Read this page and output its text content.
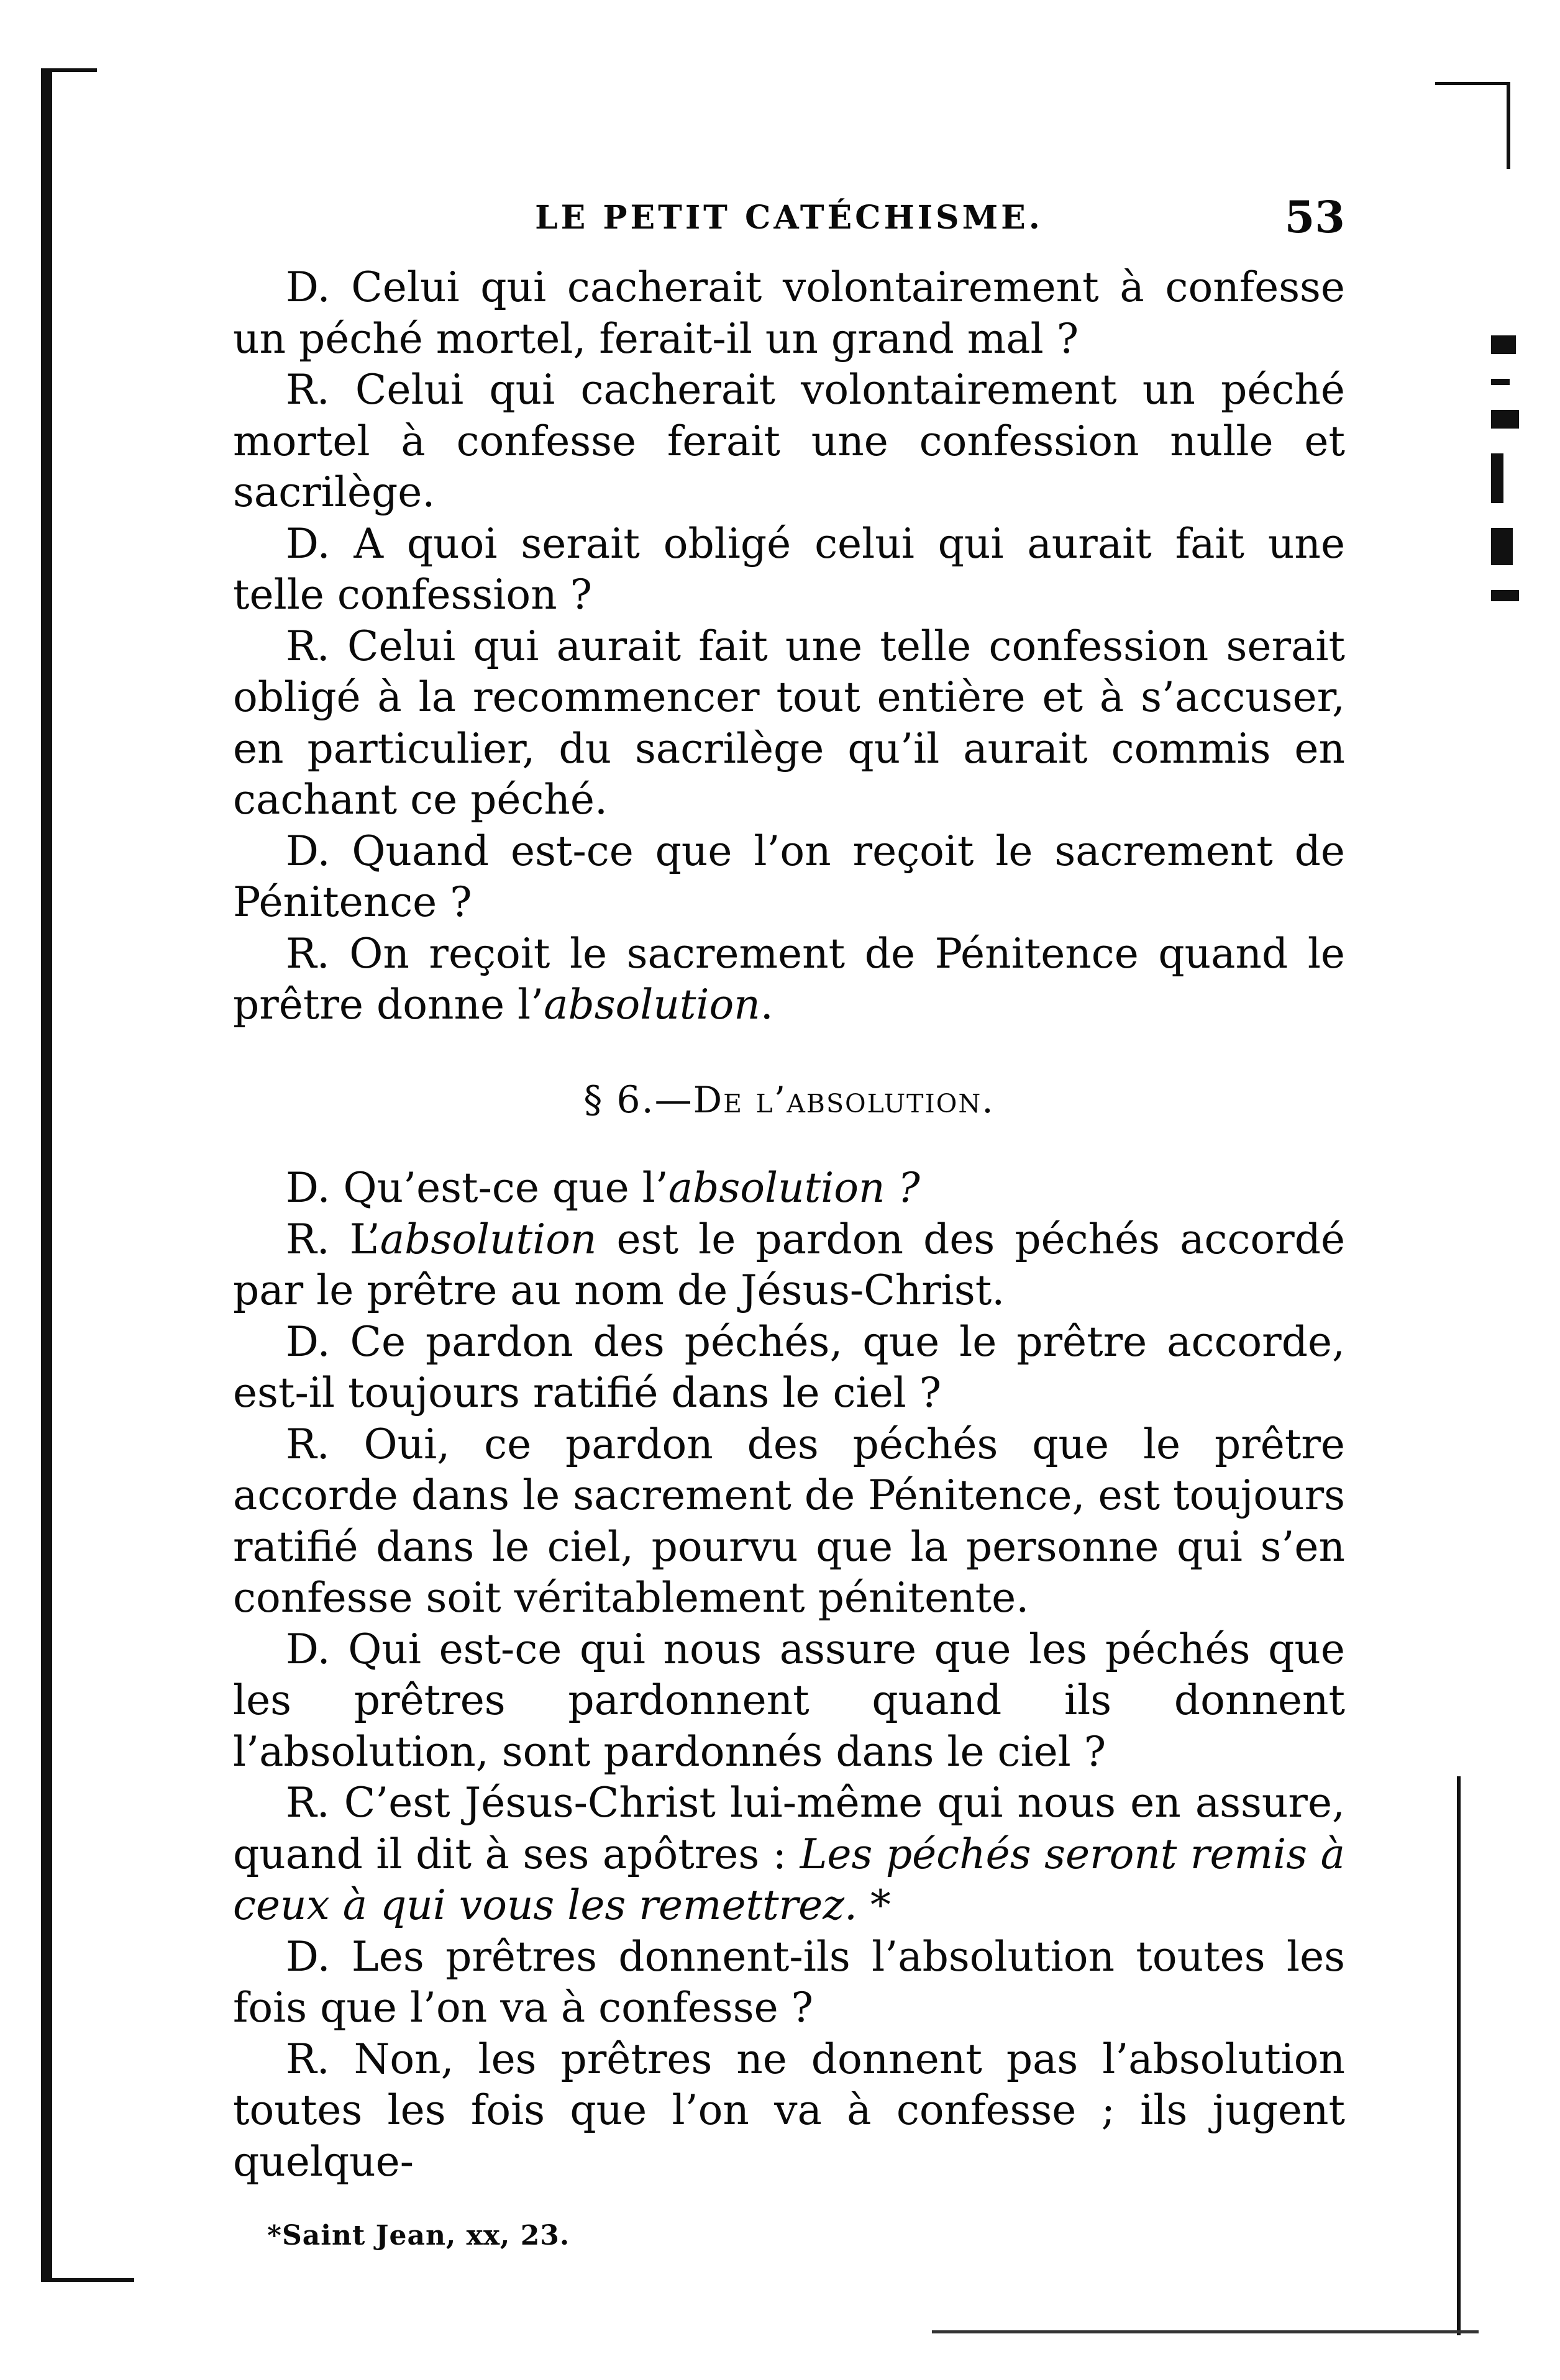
LE PETIT CATÉCHISME.	53

D. Celui qui cacherait volontairement à confesse un péché mortel, ferait-il un grand mal ?

R. Celui qui cacherait volontairement un péché mortel à confesse ferait une confession nulle et sacrilège.

D. A quoi serait obligé celui qui aurait fait une telle confession ?

R. Celui qui aurait fait une telle confession serait obligé à la recommencer tout entière et à s’accuser, en particulier, du sacrilège qu’il aurait commis en cachant ce péché.

D. Quand est-ce que l’on reçoit le sacrement de Pénitence ?

R. On reçoit le sacrement de Pénitence quand le prêtre donne l’absolution.

§ 6.—De l’absolution.

D. Qu’est-ce que l’absolution ?

R. L’absolution est le pardon des péchés accordé par le prêtre au nom de Jésus-Christ.

D. Ce pardon des péchés, que le prêtre accorde, est-il toujours ratifié dans le ciel ?

R. Oui, ce pardon des péchés que le prêtre accorde dans le sacrement de Pénitence, est toujours ratifié dans le ciel, pourvu que la personne qui s’en confesse soit véritablement pénitente.

D. Qui est-ce qui nous assure que les péchés que les prêtres pardonnent quand ils donnent l’absolution, sont pardonnés dans le ciel ?

R. C’est Jésus-Christ lui-même qui nous en assure, quand il dit à ses apôtres : Les péchés seront remis à ceux à qui vous les remettrez. *

D. Les prêtres donnent-ils l’absolution toutes les fois que l’on va à confesse ?

R. Non, les prêtres ne donnent pas l’absolution toutes les fois que l’on va à confesse ; ils jugent quelque-

*Saint Jean, xx, 23.
